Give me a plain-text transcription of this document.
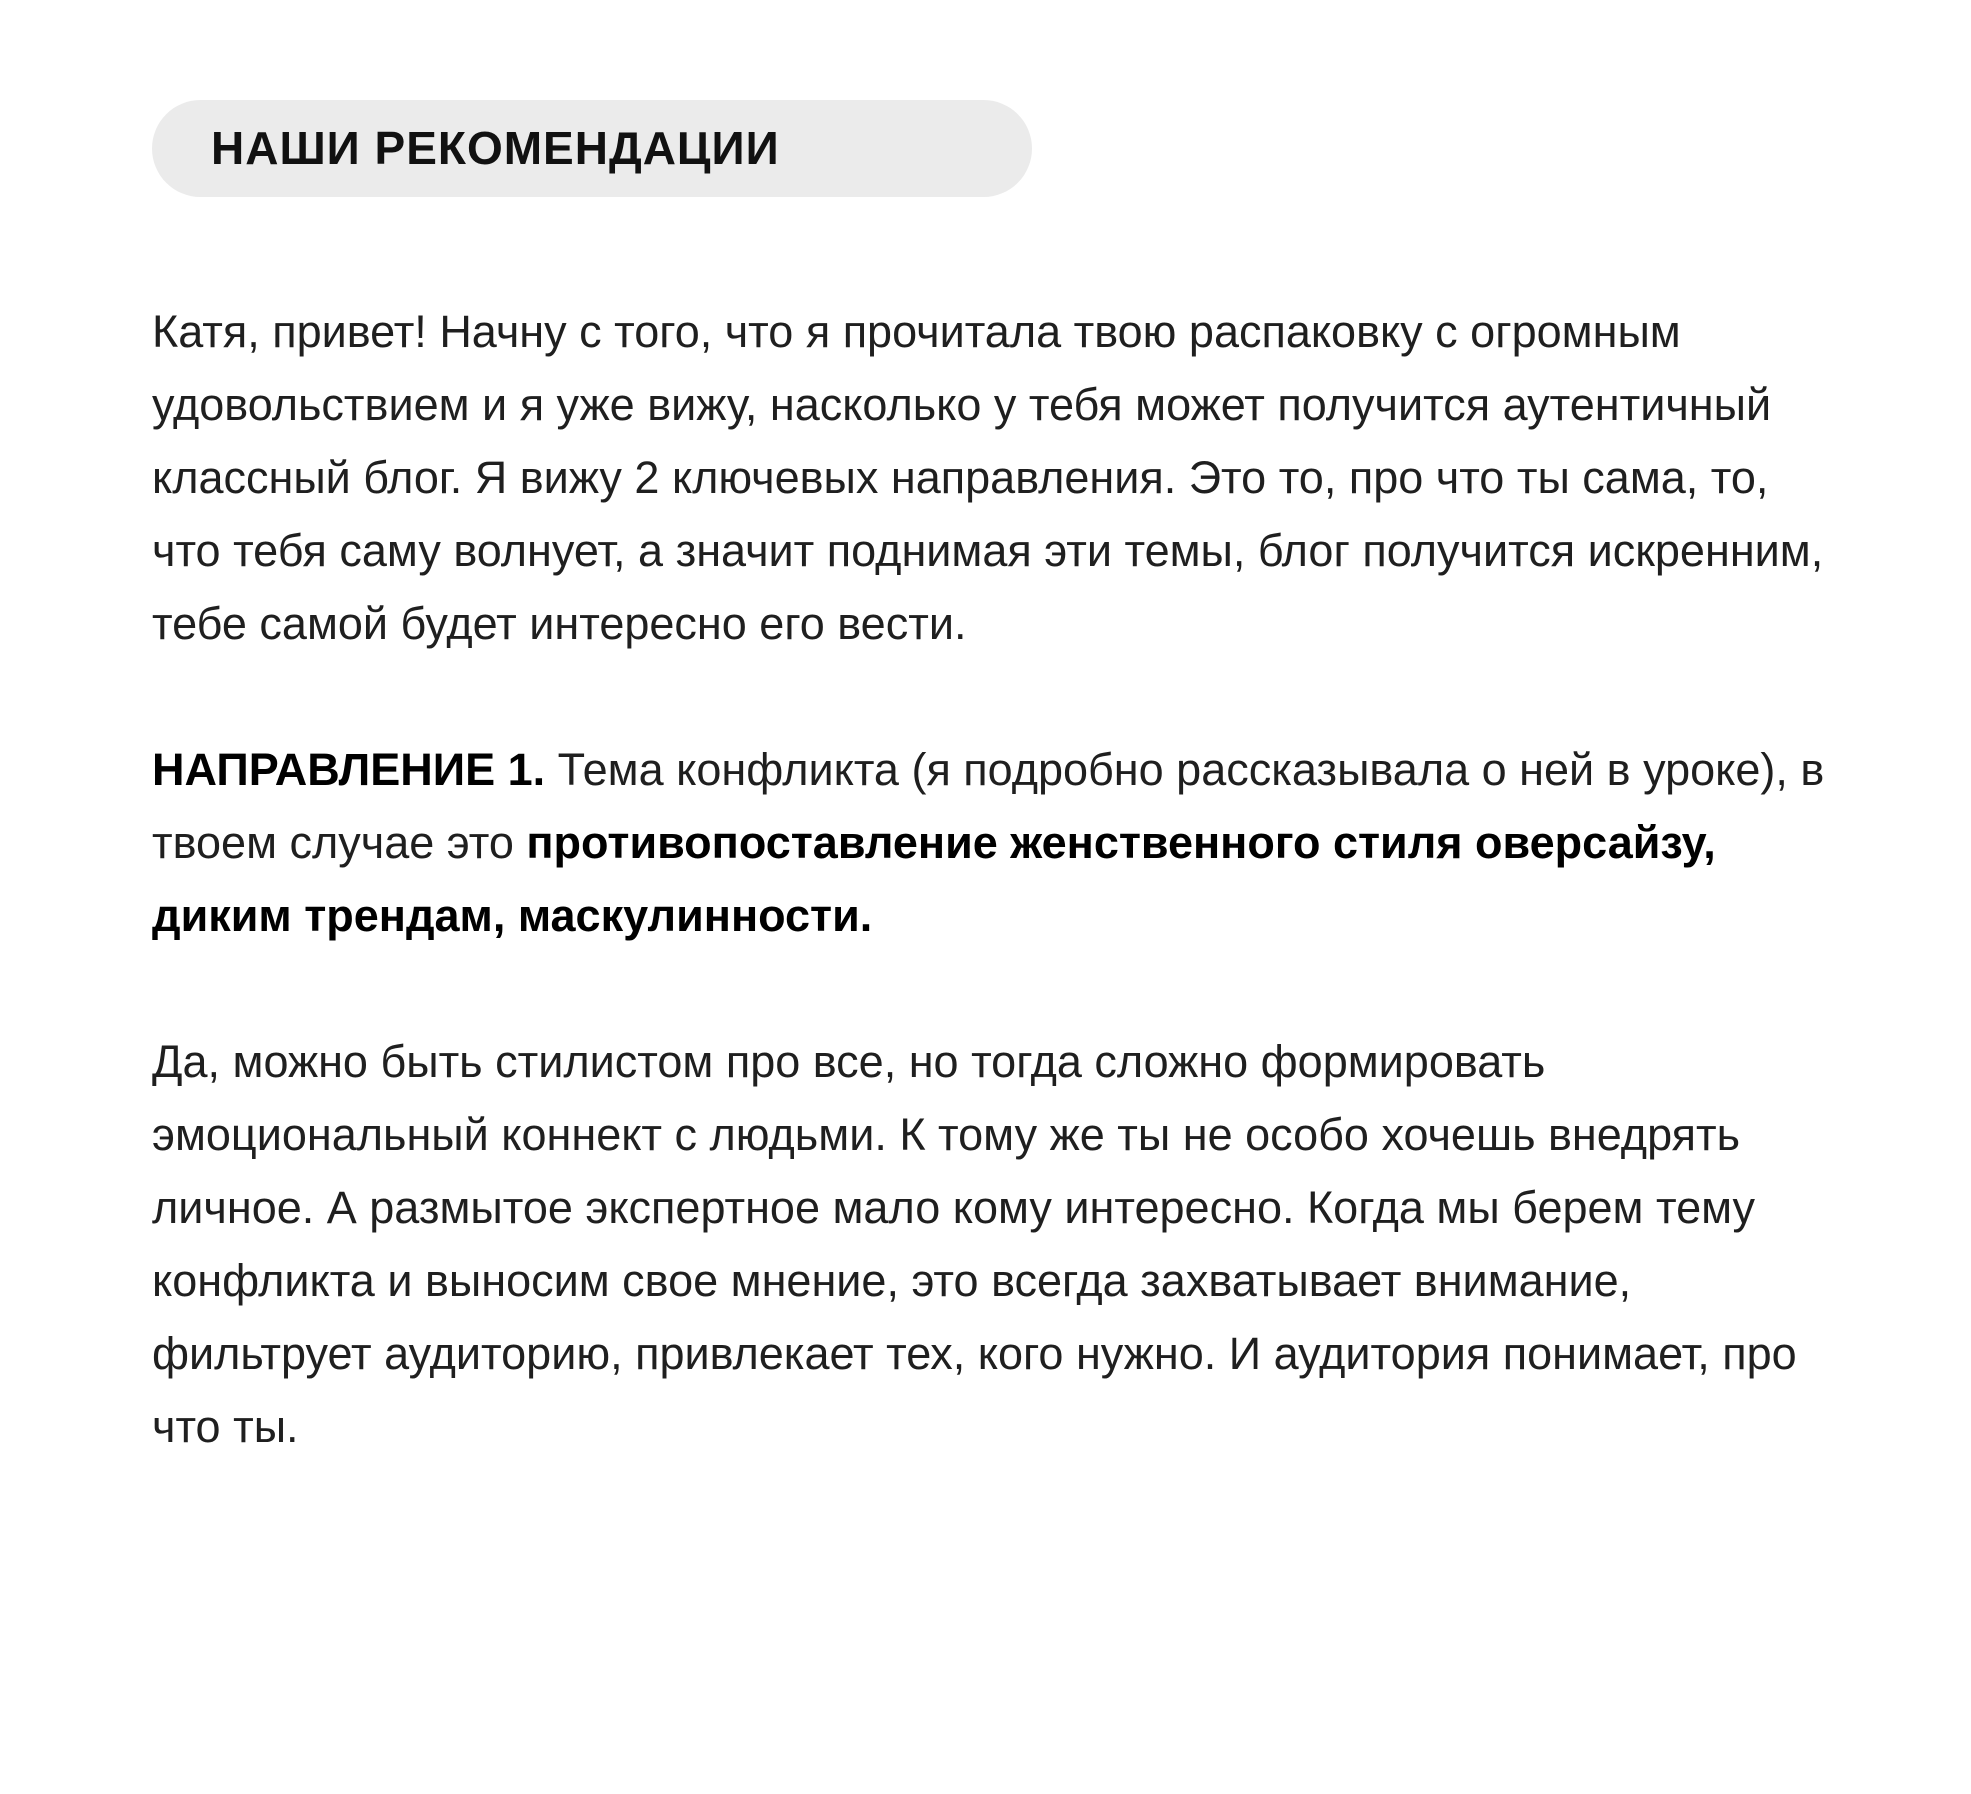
НАШИ РЕКОМЕНДАЦИИ

Катя, привет! Начну с того, что я прочитала твою распаковку с огромным удовольствием и я уже вижу, насколько у тебя может получится аутентичный классный блог. Я вижу 2 ключевых направления. Это то, про что ты сама, то, что тебя саму волнует, а значит поднимая эти темы, блог получится искренним, тебе самой будет интересно его вести.

НАПРАВЛЕНИЕ 1. Тема конфликта (я подробно рассказывала о ней в уроке), в твоем случае это противопоставление женственного стиля оверсайзу, диким трендам, маскулинности.

Да, можно быть стилистом про все, но тогда сложно формировать эмоциональный коннект с людьми. К тому же ты не особо хочешь внедрять личное. А размытое экспертное мало кому интересно. Когда мы берем тему конфликта и выносим свое мнение, это всегда захватывает внимание, фильтрует аудиторию, привлекает тех, кого нужно. И аудитория понимает, про что ты.
